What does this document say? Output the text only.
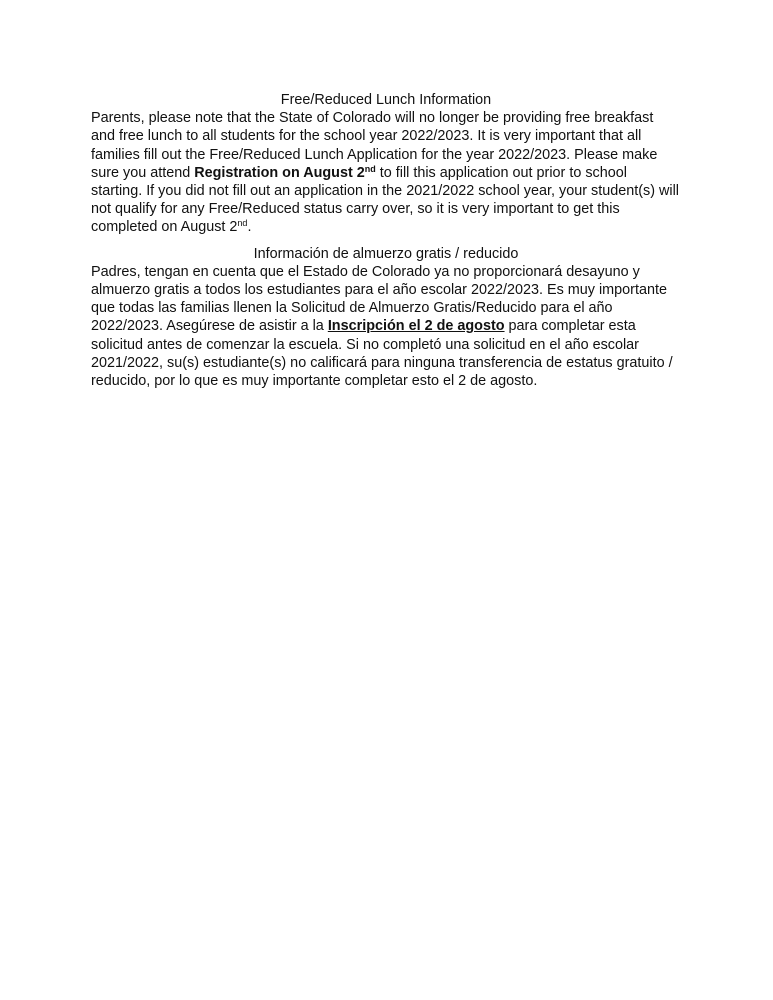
Free/Reduced Lunch Information

Parents, please note that the State of Colorado will no longer be providing free breakfast and free lunch to all students for the school year 2022/2023. It is very important that all families fill out the Free/Reduced Lunch Application for the year 2022/2023. Please make sure you attend Registration on August 2nd to fill this application out prior to school starting. If you did not fill out an application in the 2021/2022 school year, your student(s) will not qualify for any Free/Reduced status carry over, so it is very important to get this completed on August 2nd.

Información de almuerzo gratis / reducido

Padres, tengan en cuenta que el Estado de Colorado ya no proporcionará desayuno y almuerzo gratis a todos los estudiantes para el año escolar 2022/2023. Es muy importante que todas las familias llenen la Solicitud de Almuerzo Gratis/Reducido para el año 2022/2023. Asegúrese de asistir a la Inscripción el 2 de agosto para completar esta solicitud antes de comenzar la escuela. Si no completó una solicitud en el año escolar 2021/2022, su(s) estudiante(s) no calificará para ninguna transferencia de estatus gratuito / reducido, por lo que es muy importante completar esto el 2 de agosto.
